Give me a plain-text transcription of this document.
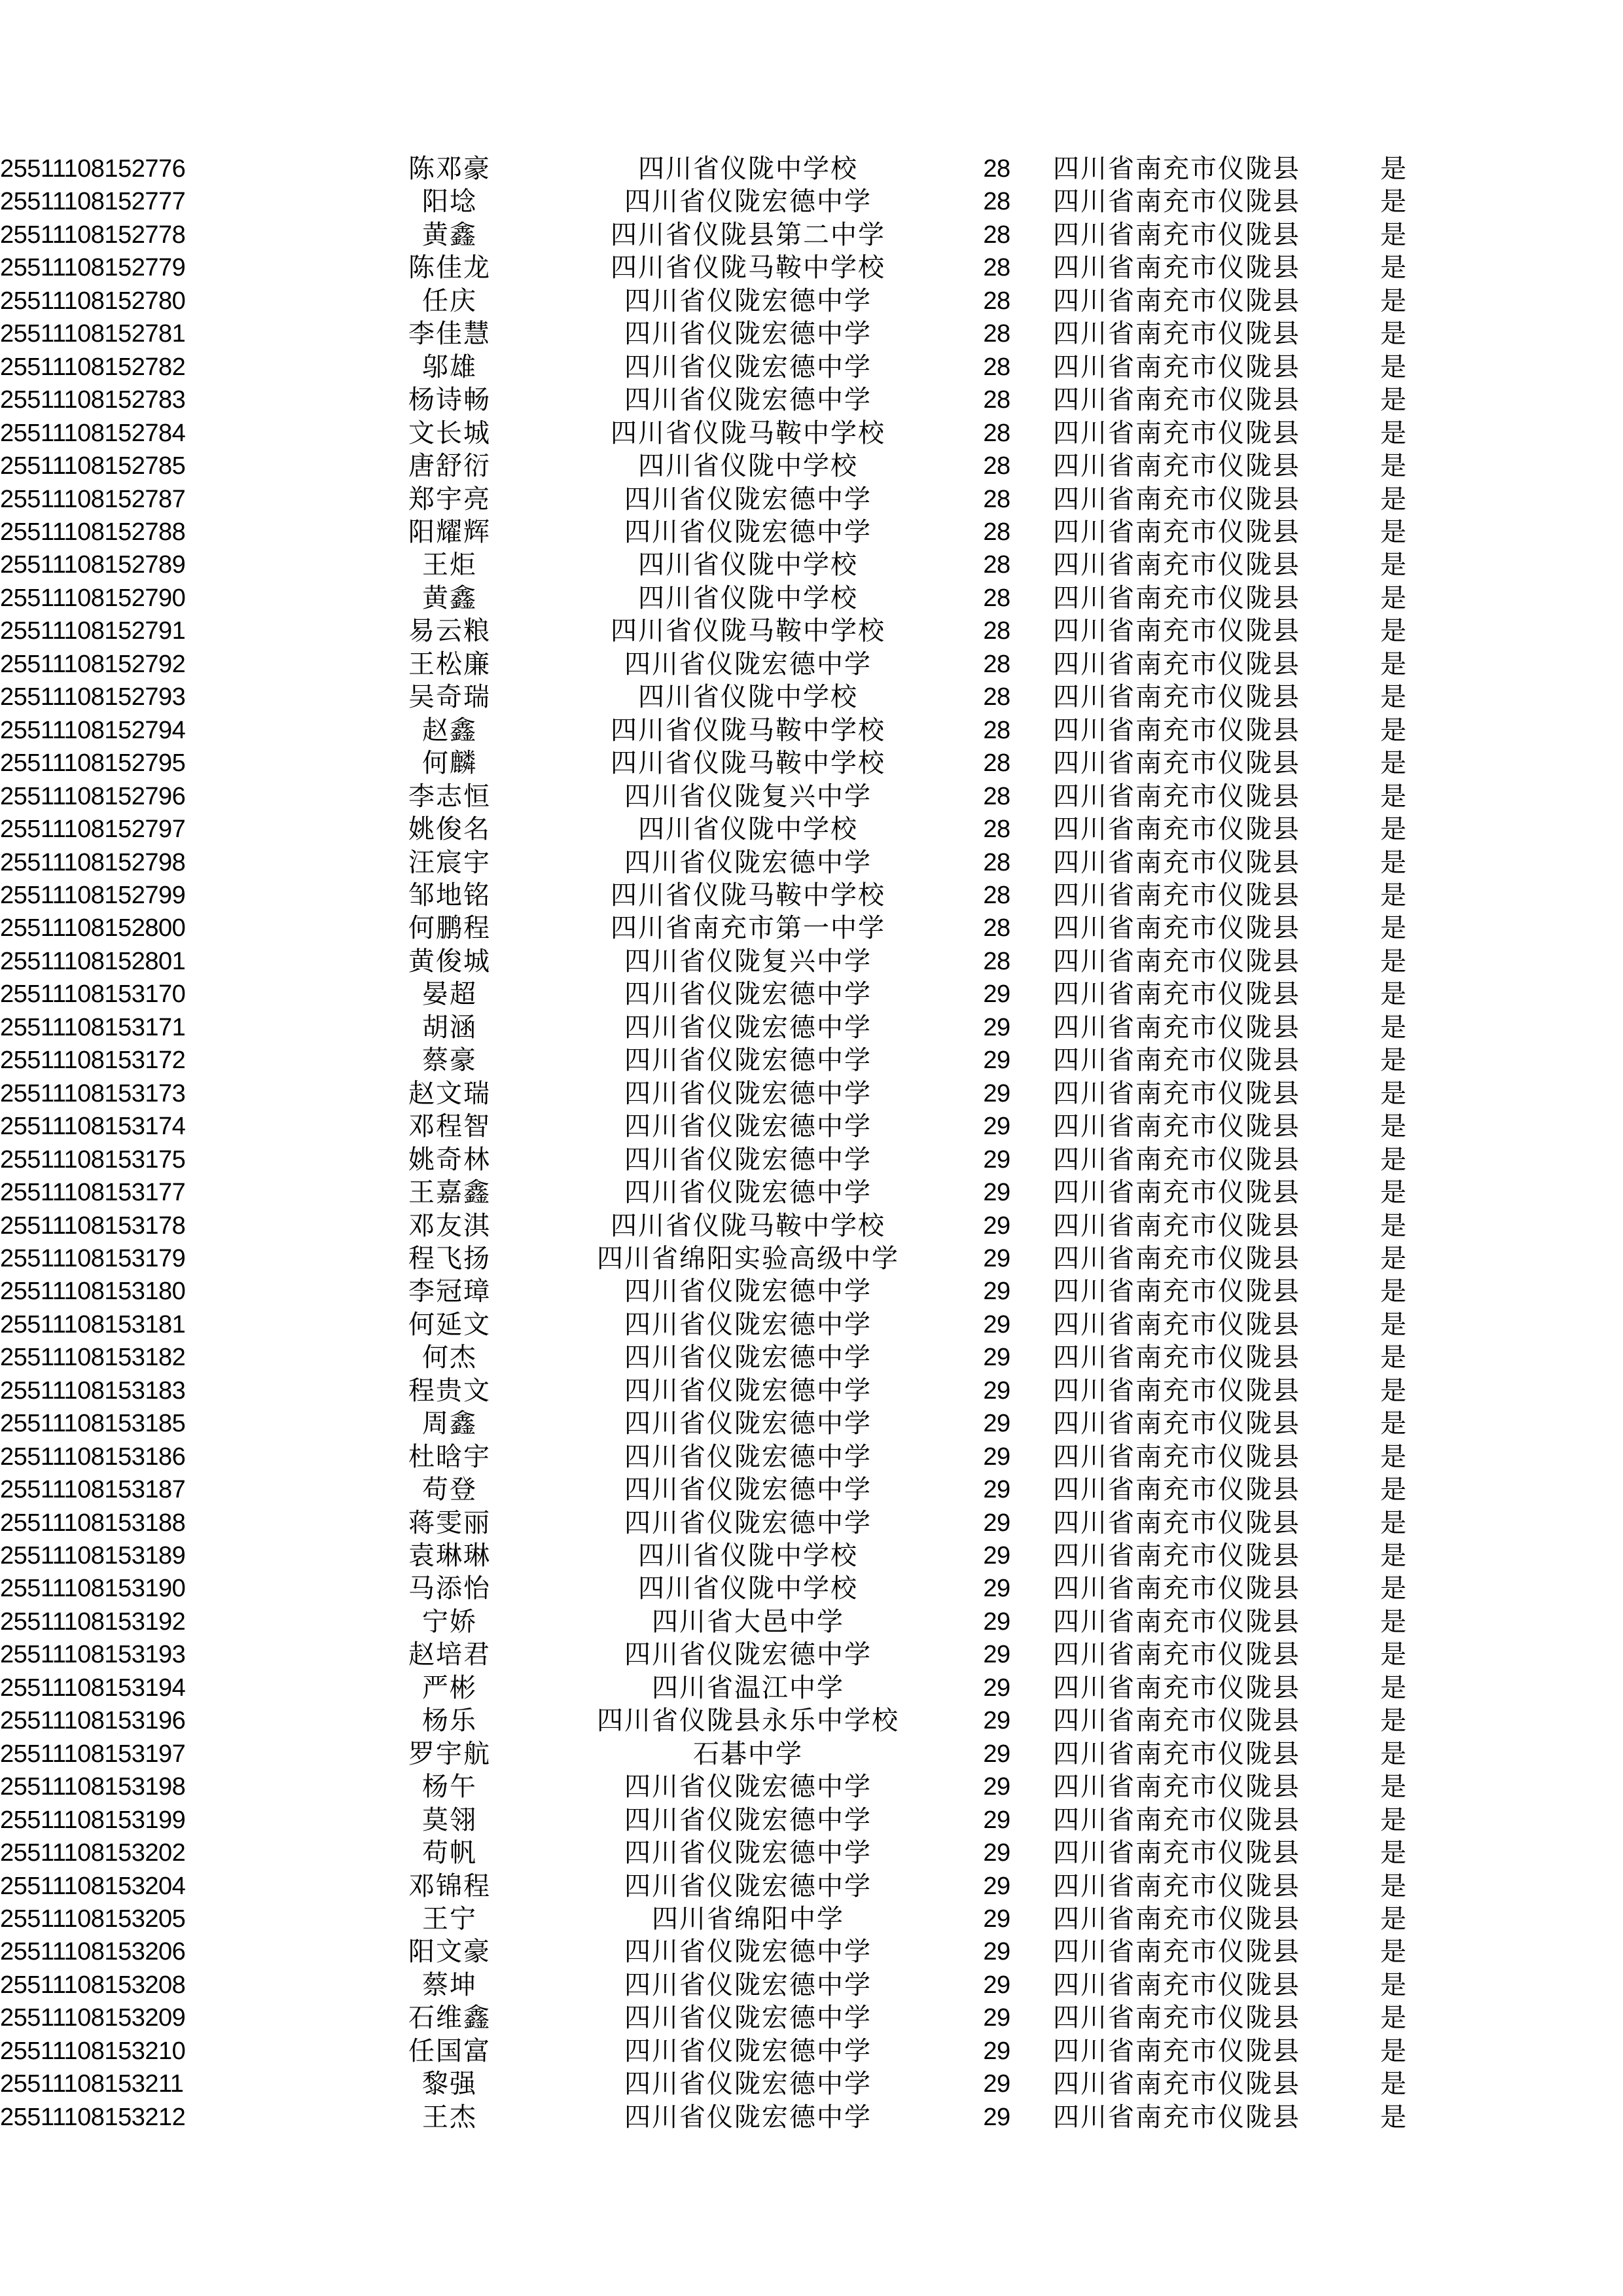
25511108152776	陈邓豪	四川省仪陇中学校	28	四川省南充市仪陇县	是	
25511108152777	阳埝	四川省仪陇宏德中学	28	四川省南充市仪陇县	是	
25511108152778	黄鑫	四川省仪陇县第二中学	28	四川省南充市仪陇县	是	
25511108152779	陈佳龙	四川省仪陇马鞍中学校	28	四川省南充市仪陇县	是	
25511108152780	任庆	四川省仪陇宏德中学	28	四川省南充市仪陇县	是	
25511108152781	李佳慧	四川省仪陇宏德中学	28	四川省南充市仪陇县	是	
25511108152782	邬雄	四川省仪陇宏德中学	28	四川省南充市仪陇县	是	
25511108152783	杨诗畅	四川省仪陇宏德中学	28	四川省南充市仪陇县	是	
25511108152784	文长城	四川省仪陇马鞍中学校	28	四川省南充市仪陇县	是	
25511108152785	唐舒衍	四川省仪陇中学校	28	四川省南充市仪陇县	是	
25511108152787	郑宇亮	四川省仪陇宏德中学	28	四川省南充市仪陇县	是	
25511108152788	阳耀辉	四川省仪陇宏德中学	28	四川省南充市仪陇县	是	
25511108152789	王炬	四川省仪陇中学校	28	四川省南充市仪陇县	是	
25511108152790	黄鑫	四川省仪陇中学校	28	四川省南充市仪陇县	是	
25511108152791	易云粮	四川省仪陇马鞍中学校	28	四川省南充市仪陇县	是	
25511108152792	王松廉	四川省仪陇宏德中学	28	四川省南充市仪陇县	是	
25511108152793	吴奇瑞	四川省仪陇中学校	28	四川省南充市仪陇县	是	
25511108152794	赵鑫	四川省仪陇马鞍中学校	28	四川省南充市仪陇县	是	
25511108152795	何麟	四川省仪陇马鞍中学校	28	四川省南充市仪陇县	是	
25511108152796	李志恒	四川省仪陇复兴中学	28	四川省南充市仪陇县	是	
25511108152797	姚俊名	四川省仪陇中学校	28	四川省南充市仪陇县	是	
25511108152798	汪宸宇	四川省仪陇宏德中学	28	四川省南充市仪陇县	是	
25511108152799	邹地铭	四川省仪陇马鞍中学校	28	四川省南充市仪陇县	是	
25511108152800	何鹏程	四川省南充市第一中学	28	四川省南充市仪陇县	是	
25511108152801	黄俊城	四川省仪陇复兴中学	28	四川省南充市仪陇县	是	
25511108153170	晏超	四川省仪陇宏德中学	29	四川省南充市仪陇县	是	
25511108153171	胡涵	四川省仪陇宏德中学	29	四川省南充市仪陇县	是	
25511108153172	蔡豪	四川省仪陇宏德中学	29	四川省南充市仪陇县	是	
25511108153173	赵文瑞	四川省仪陇宏德中学	29	四川省南充市仪陇县	是	
25511108153174	邓程智	四川省仪陇宏德中学	29	四川省南充市仪陇县	是	
25511108153175	姚奇林	四川省仪陇宏德中学	29	四川省南充市仪陇县	是	
25511108153177	王嘉鑫	四川省仪陇宏德中学	29	四川省南充市仪陇县	是	
25511108153178	邓友淇	四川省仪陇马鞍中学校	29	四川省南充市仪陇县	是	
25511108153179	程飞扬	四川省绵阳实验高级中学	29	四川省南充市仪陇县	是	
25511108153180	李冠璋	四川省仪陇宏德中学	29	四川省南充市仪陇县	是	
25511108153181	何延文	四川省仪陇宏德中学	29	四川省南充市仪陇县	是	
25511108153182	何杰	四川省仪陇宏德中学	29	四川省南充市仪陇县	是	
25511108153183	程贵文	四川省仪陇宏德中学	29	四川省南充市仪陇县	是	
25511108153185	周鑫	四川省仪陇宏德中学	29	四川省南充市仪陇县	是	
25511108153186	杜晗宇	四川省仪陇宏德中学	29	四川省南充市仪陇县	是	
25511108153187	苟登	四川省仪陇宏德中学	29	四川省南充市仪陇县	是	
25511108153188	蒋雯丽	四川省仪陇宏德中学	29	四川省南充市仪陇县	是	
25511108153189	袁琳琳	四川省仪陇中学校	29	四川省南充市仪陇县	是	
25511108153190	马添怡	四川省仪陇中学校	29	四川省南充市仪陇县	是	
25511108153192	宁娇	四川省大邑中学	29	四川省南充市仪陇县	是	
25511108153193	赵培君	四川省仪陇宏德中学	29	四川省南充市仪陇县	是	
25511108153194	严彬	四川省温江中学	29	四川省南充市仪陇县	是	
25511108153196	杨乐	四川省仪陇县永乐中学校	29	四川省南充市仪陇县	是	
25511108153197	罗宇航	石碁中学	29	四川省南充市仪陇县	是	
25511108153198	杨午	四川省仪陇宏德中学	29	四川省南充市仪陇县	是	
25511108153199	莫翎	四川省仪陇宏德中学	29	四川省南充市仪陇县	是	
25511108153202	苟帆	四川省仪陇宏德中学	29	四川省南充市仪陇县	是	
25511108153204	邓锦程	四川省仪陇宏德中学	29	四川省南充市仪陇县	是	
25511108153205	王宁	四川省绵阳中学	29	四川省南充市仪陇县	是	
25511108153206	阳文豪	四川省仪陇宏德中学	29	四川省南充市仪陇县	是	
25511108153208	蔡坤	四川省仪陇宏德中学	29	四川省南充市仪陇县	是	
25511108153209	石维鑫	四川省仪陇宏德中学	29	四川省南充市仪陇县	是	
25511108153210	任国富	四川省仪陇宏德中学	29	四川省南充市仪陇县	是	
25511108153211	黎强	四川省仪陇宏德中学	29	四川省南充市仪陇县	是	
25511108153212	王杰	四川省仪陇宏德中学	29	四川省南充市仪陇县	是	
